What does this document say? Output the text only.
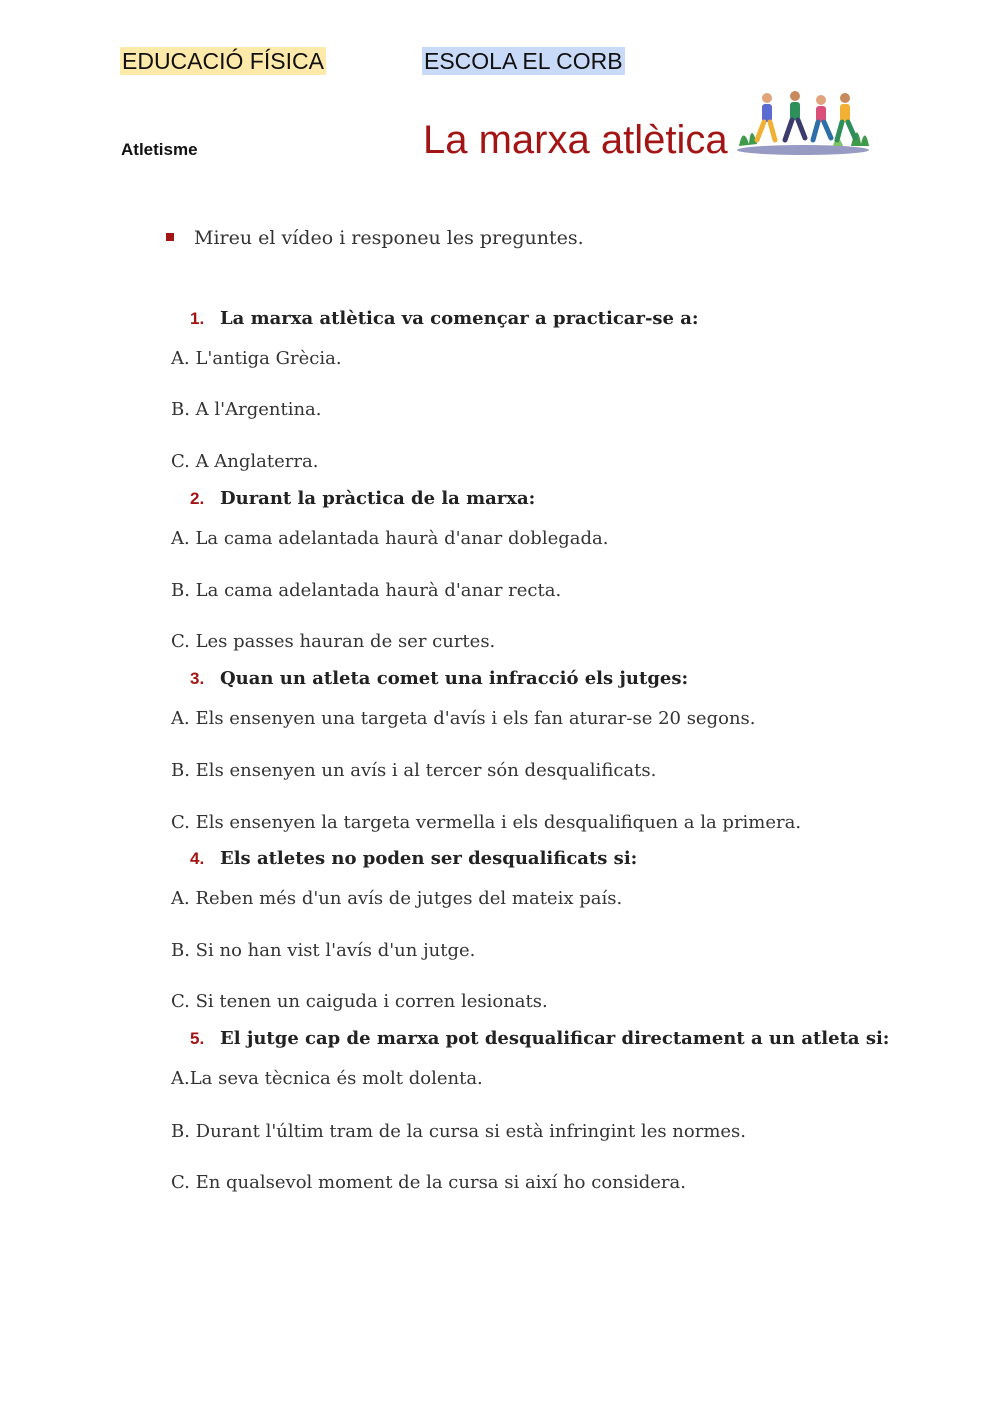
EDUCACIÓ FÍSICA	ESCOLA EL CORB
Atletisme	La marxa atlètica
Mireu el vídeo i responeu les preguntes.
1. La marxa atlètica va començar a practicar-se a:
A. L'antiga Grècia.
B. A l'Argentina.
C. A Anglaterra.
2. Durant la pràctica de la marxa:
A. La cama adelantada haurà d'anar doblegada.
B. La cama adelantada haurà d'anar recta.
C. Les passes hauran de ser curtes.
3. Quan un atleta comet una infracció els jutges:
A. Els ensenyen una targeta d'avís i els fan aturar-se 20 segons.
B. Els ensenyen un avís i al tercer són desqualificats.
C. Els ensenyen la targeta vermella i els desqualifiquen a la primera.
4. Els atletes no poden ser desqualificats si:
A. Reben més d'un avís de jutges del mateix país.
B. Si no han vist l'avís d'un jutge.
C. Si tenen un caiguda i corren lesionats.
5. El jutge cap de marxa pot desqualificar directament a un atleta si:
A.La seva tècnica és molt dolenta.
B. Durant l'últim tram de la cursa si està infringint les normes.
C. En qualsevol moment de la cursa si així ho considera.
